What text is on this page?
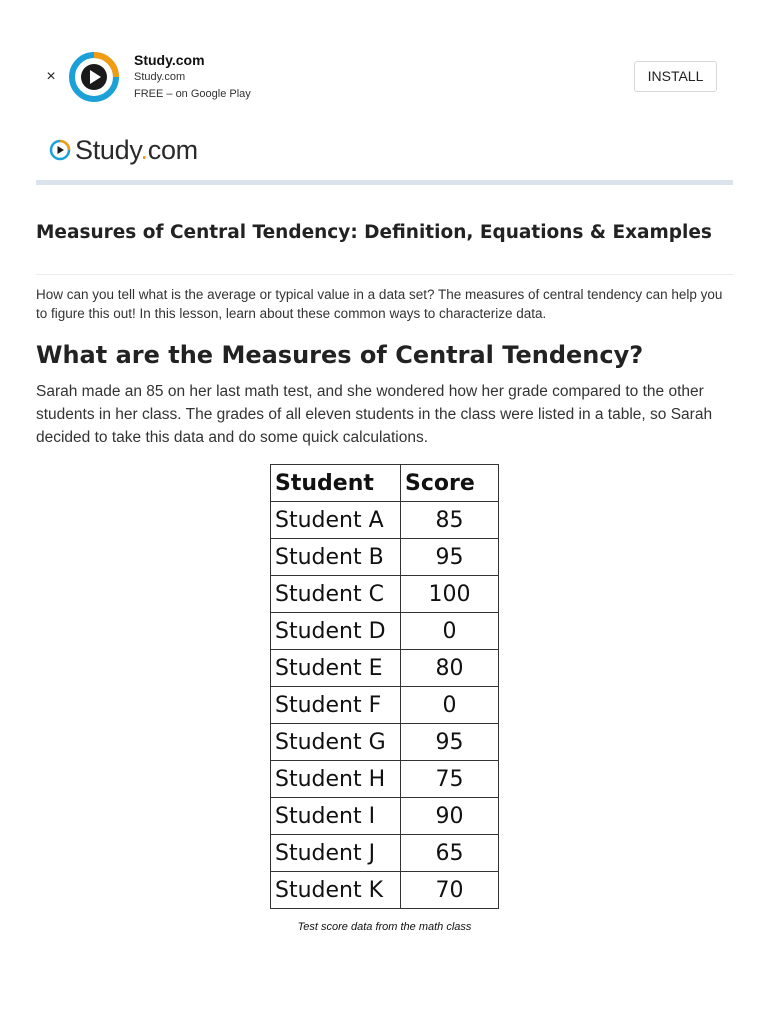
×
Study.com
Study.com
FREE – on Google Play
INSTALL
Study.com
Measures of Central Tendency: Definition, Equations & Examples

How can you tell what is the average or typical value in a data set? The measures of central tendency can help you to figure this out! In this lesson, learn about these common ways to characterize data.

What are the Measures of Central Tendency?

Sarah made an 85 on her last math test, and she wondered how her grade compared to the other students in her class. The grades of all eleven students in the class were listed in a table, so Sarah decided to take this data and do some quick calculations.

Student	Score
Student A	85
Student B	95
Student C	100
Student D	0
Student E	80
Student F	0
Student G	95
Student H	75
Student I	90
Student J	65
Student K	70
Test score data from the math class
